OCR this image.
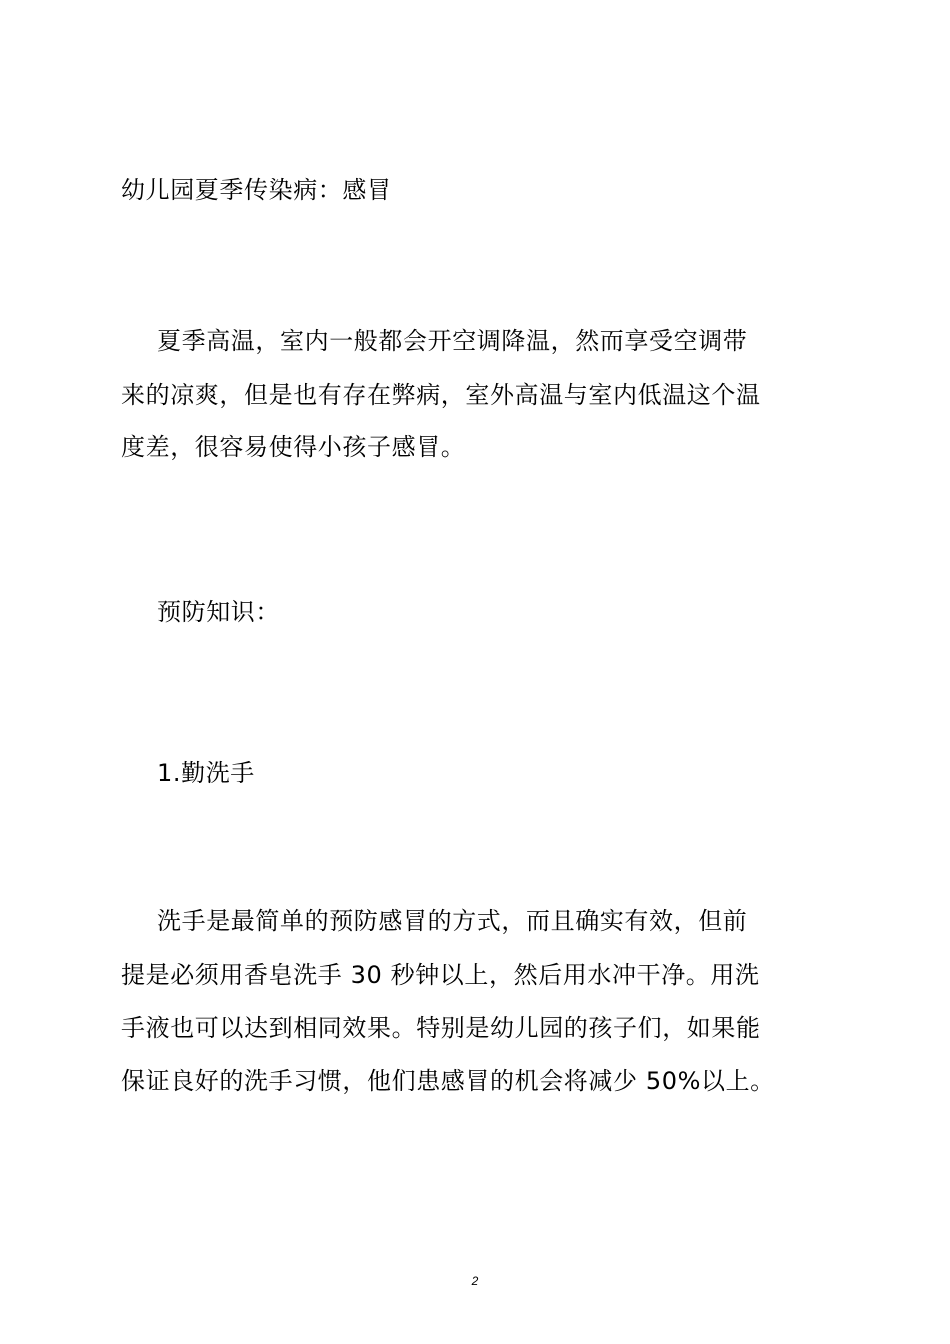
幼儿园夏季传染病：感冒
夏季高温，室内一般都会开空调降温，然而享受空调带
来的凉爽，但是也有存在弊病，室外高温与室内低温这个温
度差，很容易使得小孩子感冒。
预防知识：
1.勤洗手
洗手是最简单的预防感冒的方式，而且确实有效，但前
提是必须用香皂洗手 30 秒钟以上，然后用水冲干净。用洗
手液也可以达到相同效果。特别是幼儿园的孩子们，如果能
保证良好的洗手习惯，他们患感冒的机会将减少 50%以上。
2
